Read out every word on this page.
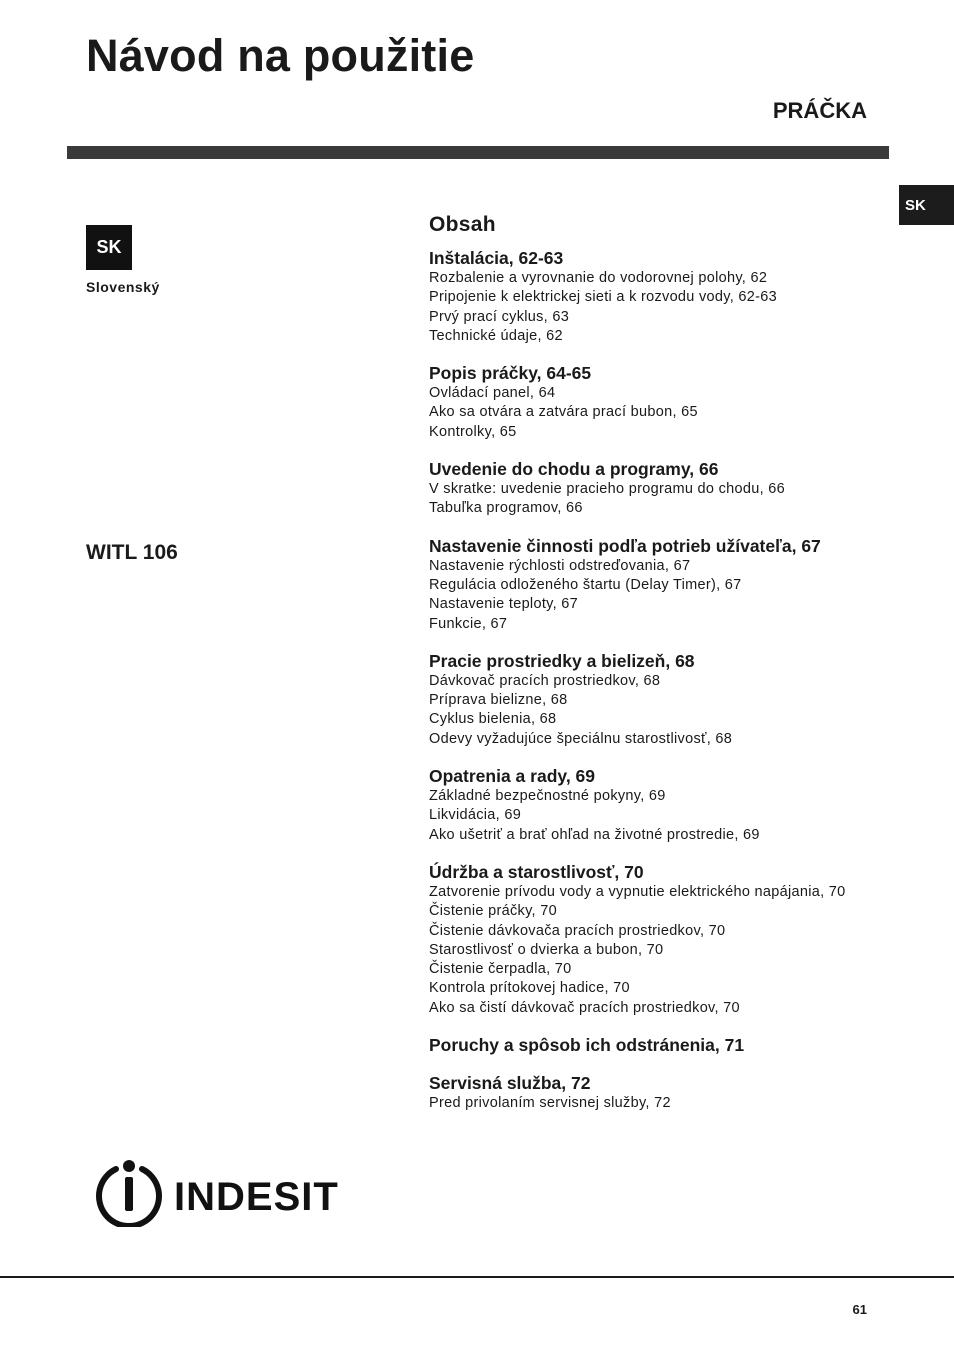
Návod na použitie
PRÁČKA
SK
SK
Slovenský
WITL 106
Obsah
Inštalácia, 62-63
Rozbalenie a vyrovnanie do vodorovnej polohy, 62
Pripojenie k elektrickej sieti a k rozvodu vody, 62-63
Prvý prací cyklus, 63
Technické údaje, 62
Popis práčky, 64-65
Ovládací panel, 64
Ako sa otvára a zatvára prací bubon, 65
Kontrolky, 65
Uvedenie do chodu a programy, 66
V skratke: uvedenie pracieho programu do chodu, 66
Tabuľka programov, 66
Nastavenie činnosti podľa potrieb užívateľa, 67
Nastavenie rýchlosti odstreďovania, 67
Regulácia odloženého štartu (Delay Timer), 67
Nastavenie teploty, 67
Funkcie, 67
Pracie prostriedky a bielizeň, 68
Dávkovač pracích prostriedkov, 68
Príprava bielizne, 68
Cyklus bielenia, 68
Odevy vyžadujúce špeciálnu starostlivosť, 68
Opatrenia a rady, 69
Základné bezpečnostné pokyny, 69
Likvidácia, 69
Ako ušetriť a brať ohľad na životné prostredie, 69
Údržba a starostlivosť, 70
Zatvorenie prívodu vody a vypnutie elektrického napájania, 70
Čistenie práčky, 70
Čistenie dávkovača pracích prostriedkov, 70
Starostlivosť o dvierka a bubon, 70
Čistenie čerpadla, 70
Kontrola prítokovej hadice, 70
Ako sa čistí dávkovač pracích prostriedkov, 70
Poruchy a spôsob ich odstránenia, 71
Servisná služba, 72
Pred privolaním servisnej služby, 72
INDESIT
61
